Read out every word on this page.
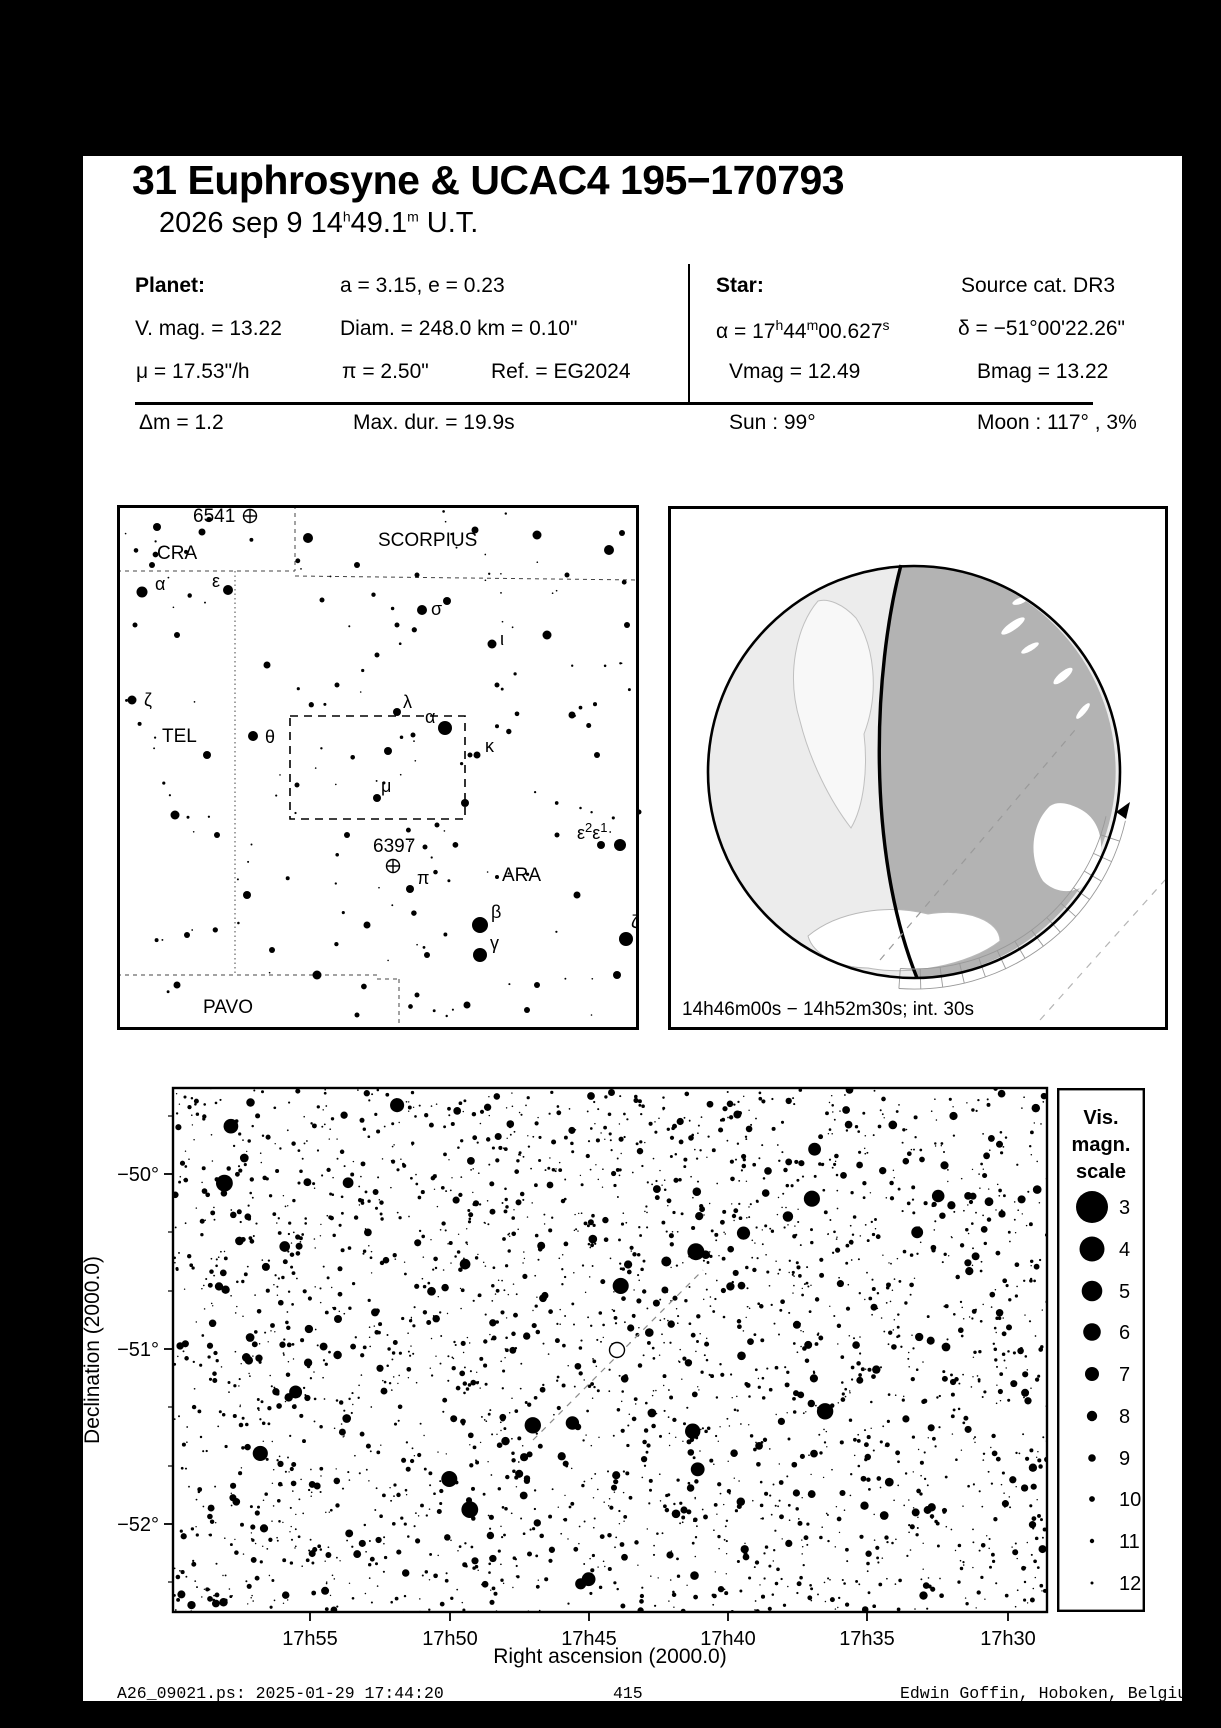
31 Euphrosyne & UCAC4 195−170793
2026 sep 9 14$^h$49.1$^m$ U.T.
Planet:	a = 3.15, e = 0.23	Star:	Source cat. DR3
V. mag. = 13.22	Diam. = 248.0 km = 0.10"	$\alpha = 17^h44^m00.627^s$	δ = −51°00'22.26"
μ = 17.53"/h	π = 2.50"	Ref. = EG2024	Vmag = 12.49	Bmag = 13.22
Δm = 1.2	Max. dur. = 19.9s	Sun : 99°	Moon : 117° , 3%
6541
CRA
SCORPIUS
TEL
ARA
PAVO
6397
α	ε
ζ
σ
ι
θ
λ
α
κ
μ
π
β
γ
ζ
$\varepsilon^2\varepsilon^1$
14h46m00s − 14h52m30s; int. 30s
17h55	17h50	17h45	17h40	17h35	17h30
−50°
−51°
−52°
Right ascension (2000.0)
Declination (2000.0)
Vis.
magn.
scale
3
4
5
6
7
8
9
10
11
12
A26_09021.ps: 2025-01-29 17:44:20	415	Edwin Goffin, Hoboken, Belgium
